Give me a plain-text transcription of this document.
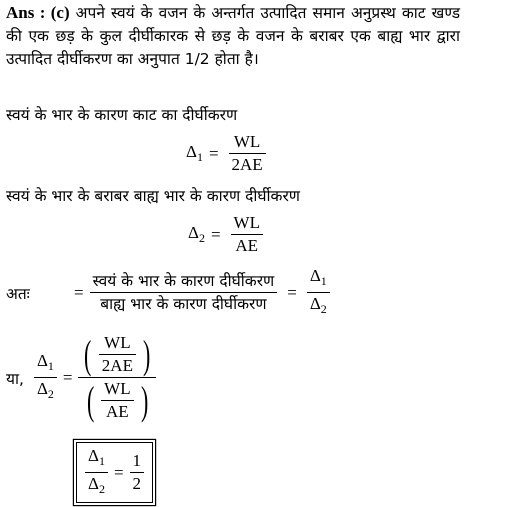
Ans : (c) अपने स्वयं के वजन के अन्तर्गत उत्पादित समान अनुप्रस्थ काट खण्ड की एक छड़ के कुल दीर्घीकारक से छड़ के वजन के बराबर एक बाह्य भार द्वारा उत्पादित दीर्घीकरण का अनुपात 1/2 होता है।
स्वयं के भार के कारण काट का दीर्घीकरण
$\Delta_1 = \frac{WL}{2AE}$
स्वयं के भार के बराबर बाह्य भार के कारण दीर्घीकरण
$\Delta_2 = \frac{WL}{AE}$
अतः	= $\frac{\text{स्वयं के भार के कारण दीर्घीकरण}}{\text{बाह्य भार के कारण दीर्घीकरण}} = \frac{\Delta_1}{\Delta_2}$
या, $\frac{\Delta_1}{\Delta_2}$ =
( $\frac{WL}{2AE}$ )
( $\frac{WL}{AE}$ )
$\frac{\Delta_1}{\Delta_2} = \frac{1}{2}$
